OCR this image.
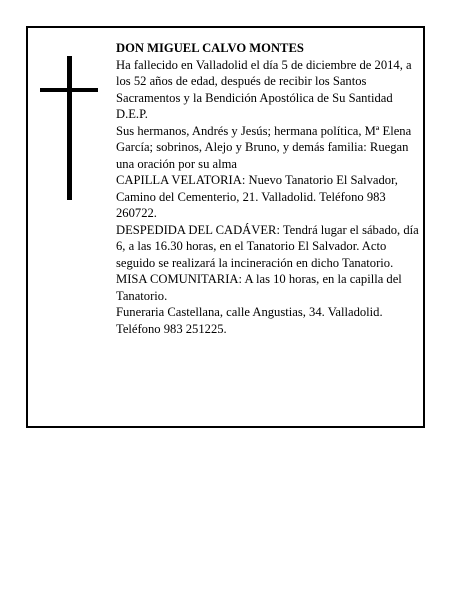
DON MIGUEL CALVO MONTES

Ha fallecido en Valladolid el día 5 de diciembre de 2014, a los 52 años de edad, después de recibir los Santos Sacramentos y la Bendición Apostólica de Su Santidad

D.E.P.

Sus hermanos, Andrés y Jesús; hermana política, Mª Elena García; sobrinos, Alejo y Bruno, y demás familia: Ruegan una oración por su alma

CAPILLA VELATORIA: Nuevo Tanatorio El Salvador, Camino del Cementerio, 21. Valladolid. Teléfono 983 260722.

DESPEDIDA DEL CADÁVER: Tendrá lugar el sábado, día 6, a las 16.30 horas, en el Tanatorio El Salvador. Acto seguido se realizará la incineración en dicho Tanatorio.

MISA COMUNITARIA: A las 10 horas, en la capilla del Tanatorio.

Funeraria Castellana, calle Angustias, 34. Valladolid. Teléfono 983 251225.
